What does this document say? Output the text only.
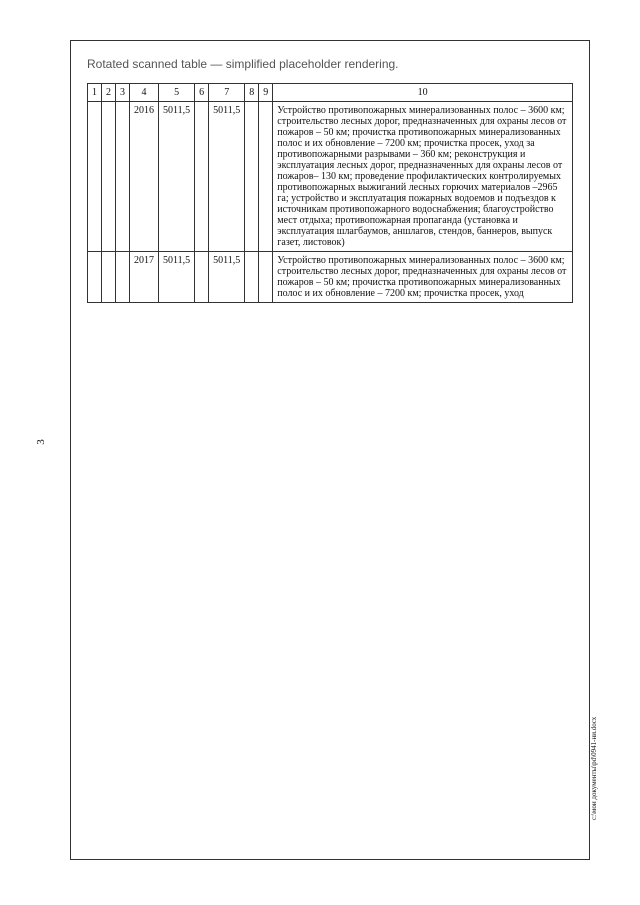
3
Rotated scanned table — simplified placeholder rendering.
1	2	3	4	5	6	7	8	9	10
			2016	5011,5		5011,5			Устройство противопожарных минерализованных полос – 3600 км; строительство лесных дорог, предназначенных для охраны лесов от пожаров – 50 км; прочистка противопожарных минерализованных полос и их обновление – 7200 км; прочистка просек, уход за противопожарными разрывами – 360 км; реконструкция и эксплуатация лесных дорог, предназначенных для охраны лесов от пожаров– 130 км; проведение профилактических контролируемых противопожарных выжиганий лесных горючих материалов –2965 га; устройство и эксплуатация пожарных водоемов и подъездов к источникам противопожарного водоснабжения; благоустройство мест отдыха; противопожарная пропаганда (установка и эксплуатация шлагбаумов, аншлагов, стендов, баннеров, выпуск газет, листовок)
			2017	5011,5		5011,5			Устройство противопожарных минерализованных полос – 3600 км; строительство лесных дорог, предназначенных для охраны лесов от пожаров – 50 км; прочистка противопожарных минерализованных полос и их обновление – 7200 км; прочистка просек, уход
c:\мои документы\pd\0941-ни.docx
